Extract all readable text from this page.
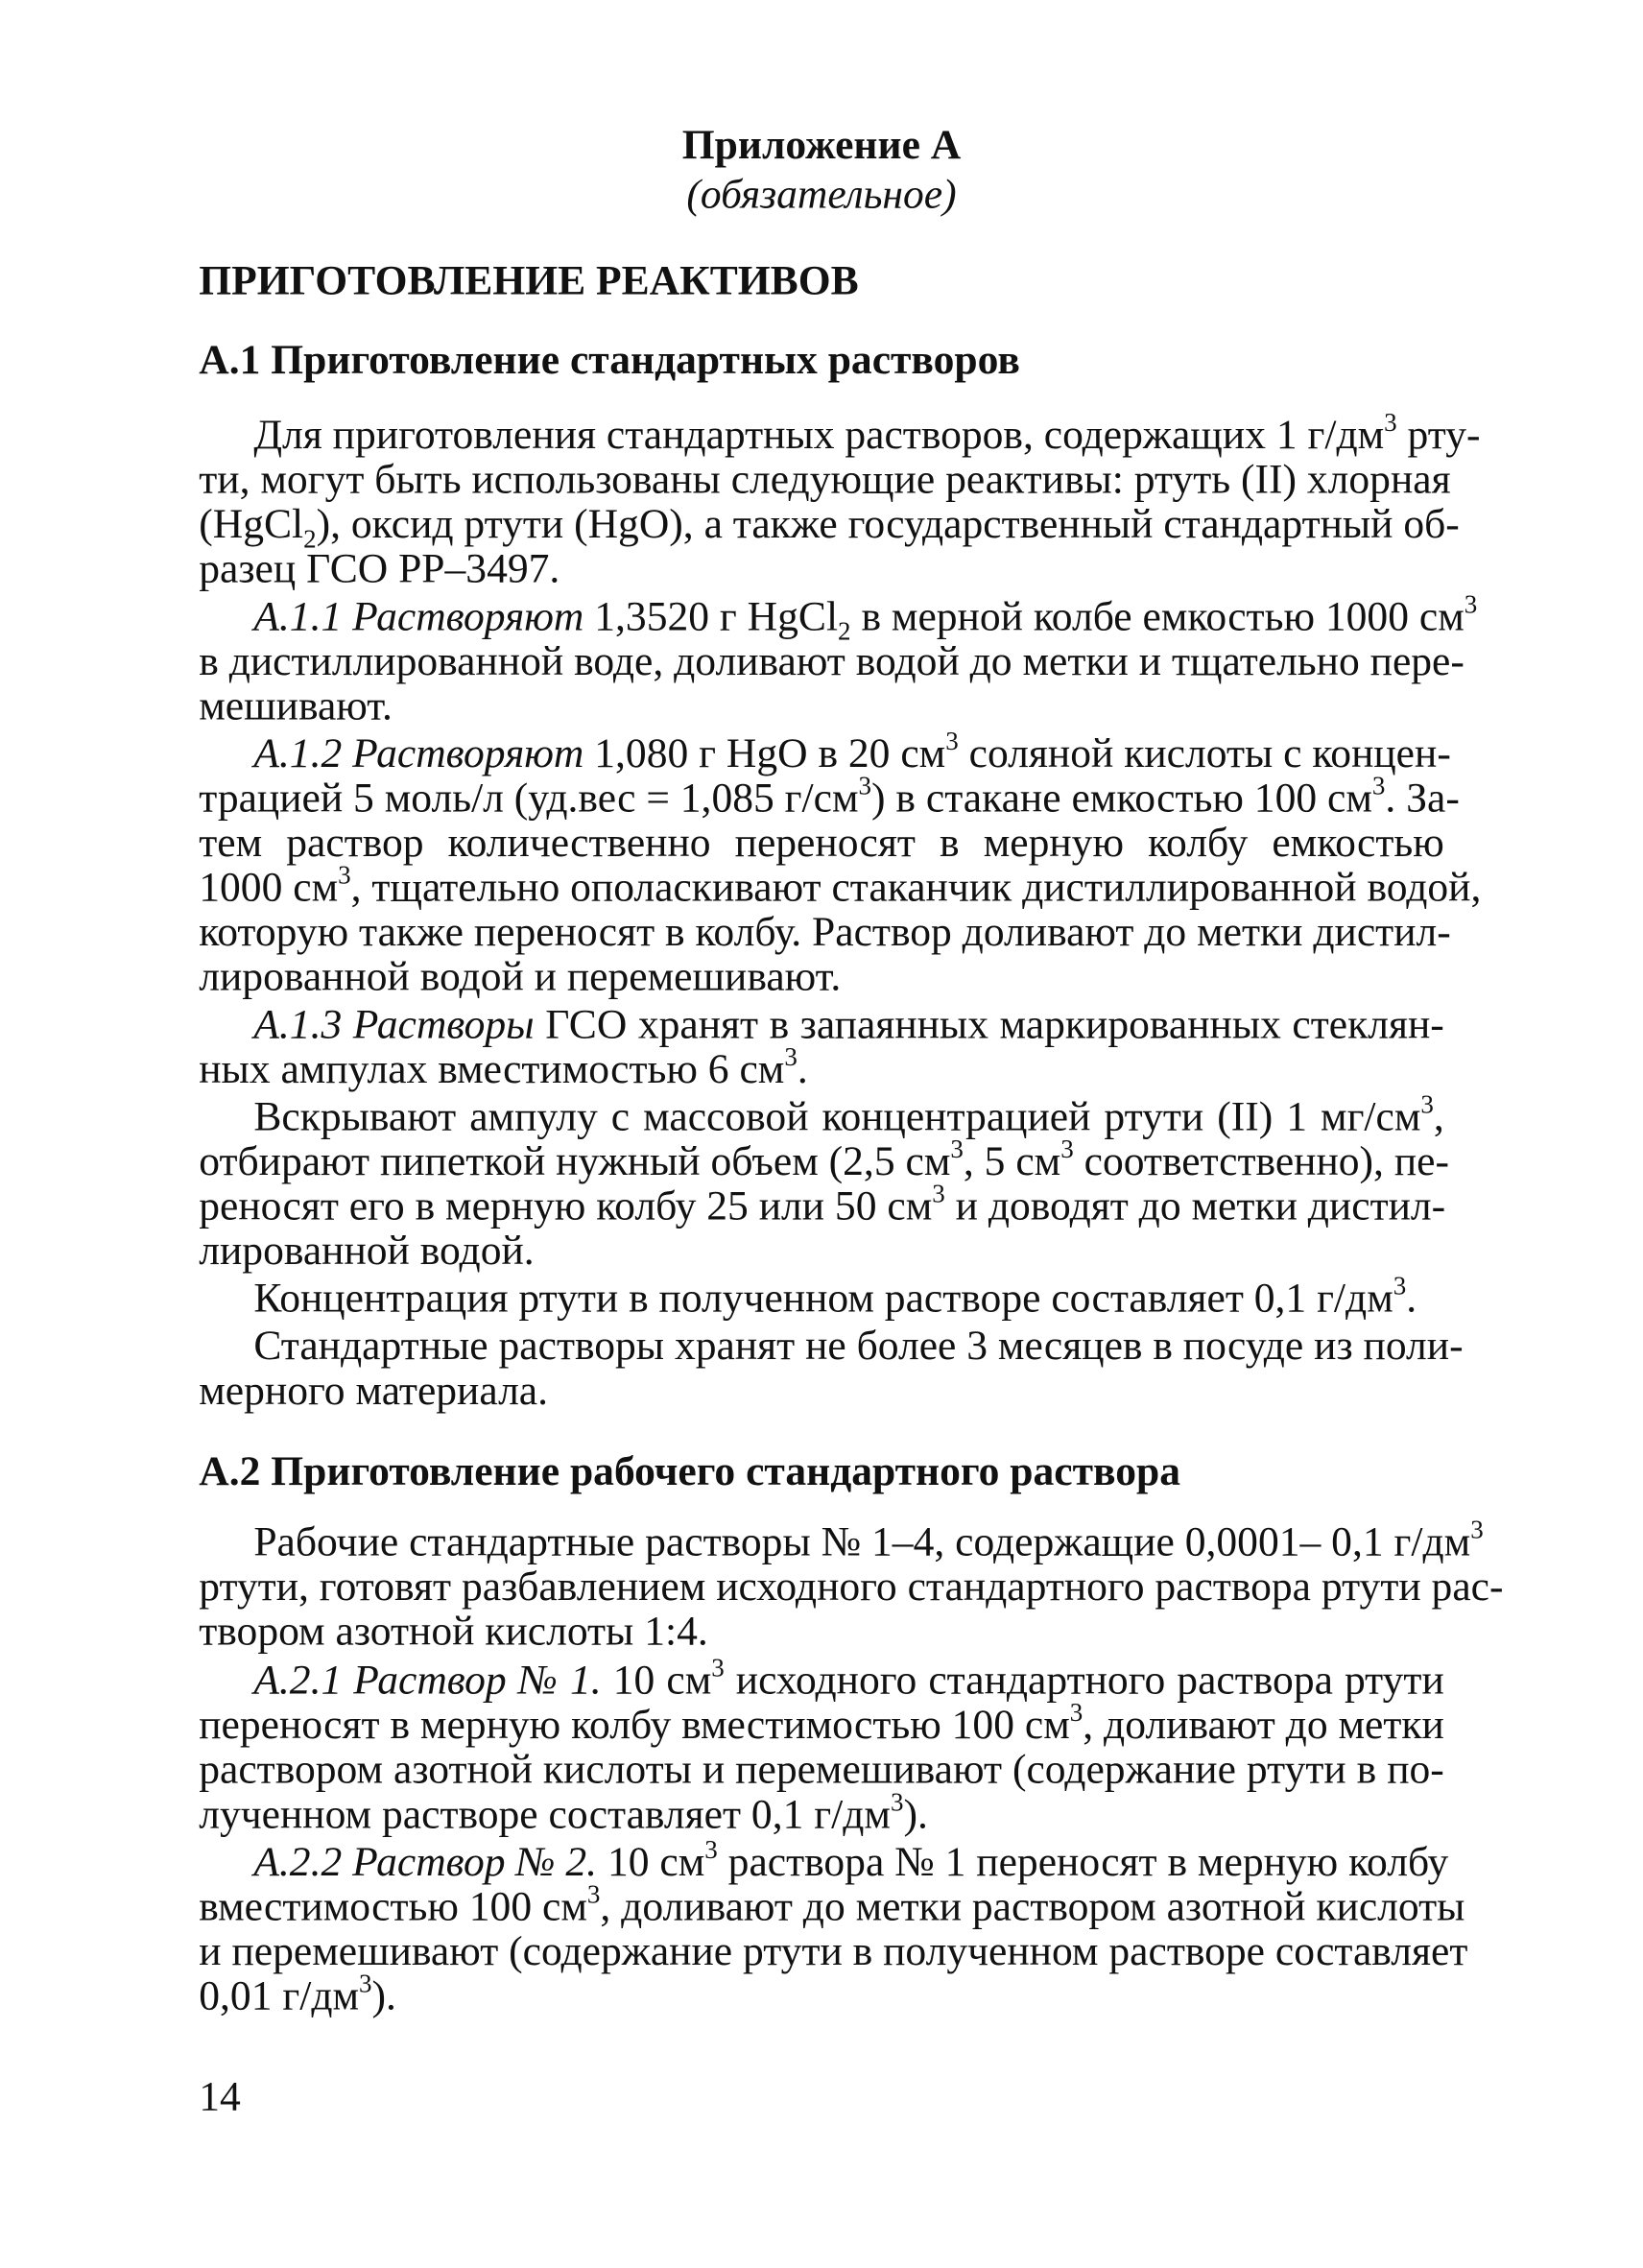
Приложение А
(обязательное)
ПРИГОТОВЛЕНИЕ РЕАКТИВОВ
А.1 Приготовление стандартных растворов
Для приготовления стандартных растворов, содержащих 1 $г/дм^3$ рту-
ти, могут быть использованы следующие реактивы: ртуть (II) хлорная
(HgCl$_2$), оксид ртути (HgO), а также государственный стандартный об-
разец ГСО РР–3497.
А.1.1 Растворяют 1,3520 г HgCl$_2$ в мерной колбе емкостью 1000 $см^3$
в дистиллированной воде, доливают водой до метки и тщательно пере-
мешивают.
А.1.2 Растворяют 1,080 г HgO в 20 $см^3$ соляной кислоты с концен-
трацией 5 моль/л (уд.вес = 1,085 $г/см^3$) в стакане емкостью 100 $см^3$. За-
тем раствор количественно переносят в мерную колбу емкостью
1000 $см^3$, тщательно ополаскивают стаканчик дистиллированной водой,
которую также переносят в колбу. Раствор доливают до метки дистил-
лированной водой и перемешивают.
А.1.3 Растворы ГСО хранят в запаянных маркированных стеклян-
ных ампулах вместимостью 6 $см^3$.
Вскрывают ампулу с массовой концентрацией ртути (II) 1 $мг/см^3$,
отбирают пипеткой нужный объем (2,5 $см^3$, 5 $см^3$ соответственно), пе-
реносят его в мерную колбу 25 или 50 $см^3$ и доводят до метки дистил-
лированной водой.
Концентрация ртути в полученном растворе составляет 0,1 $г/дм^3$.
Стандартные растворы хранят не более 3 месяцев в посуде из поли-
мерного материала.
А.2 Приготовление рабочего стандартного раствора
Рабочие стандартные растворы № 1–4, содержащие 0,0001– 0,1 $г/дм^3$
ртути, готовят разбавлением исходного стандартного раствора ртути рас-
твором азотной кислоты 1:4.
А.2.1 Раствор № 1. 10 $см^3$ исходного стандартного раствора ртути
переносят в мерную колбу вместимостью 100 $см^3$, доливают до метки
раствором азотной кислоты и перемешивают (содержание ртути в по-
лученном растворе составляет 0,1 $г/дм^3$).
А.2.2 Раствор № 2. 10 $см^3$ раствора № 1 переносят в мерную колбу
вместимостью 100 $см^3$, доливают до метки раствором азотной кислоты
и перемешивают (содержание ртути в полученном растворе составляет
0,01 $г/дм^3$).
14
